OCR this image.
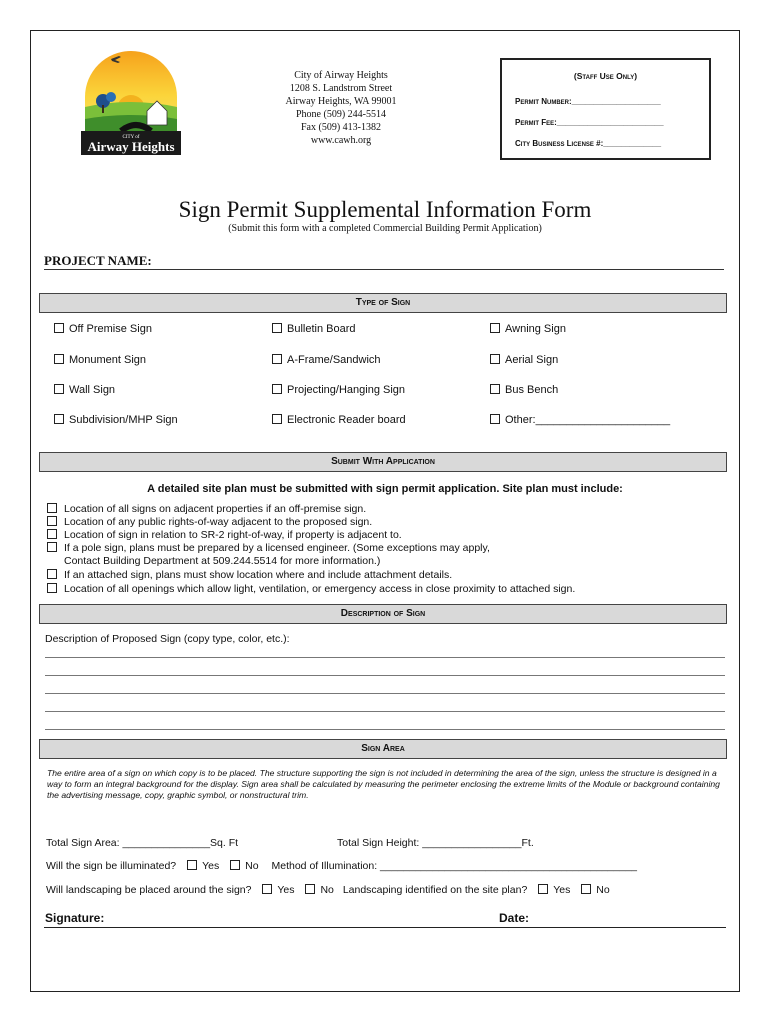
CITY of
Airway Heights
City of Airway Heights
1208 S. Landstrom Street
Airway Heights, WA 99001
Phone (509) 244-5514
Fax (509) 413-1382
www.cawh.org
(Staff Use Only)
Permit Number:____________________
Permit Fee:________________________
City Business License #:_____________
Sign Permit Supplemental Information Form
(Submit this form with a completed Commercial Building Permit Application)
PROJECT NAME:
Type of Sign
Off Premise Sign	Bulletin Board	Awning Sign
Monument Sign	A-Frame/Sandwich	Aerial Sign
Wall Sign	Projecting/Hanging Sign	Bus Bench
Subdivision/MHP Sign	Electronic Reader board	Other:______________________
Submit With Application
A detailed site plan must be submitted with sign permit application. Site plan must include:
Location of all signs on adjacent properties if an off-premise sign.
Location of any public rights-of-way adjacent to the proposed sign.
Location of sign in relation to SR-2 right-of-way, if property is adjacent to.
If a pole sign, plans must be prepared by a licensed engineer. (Some exceptions may apply,
Contact Building Department at 509.244.5514 for more information.)
If an attached sign, plans must show location where and include attachment details.
Location of all openings which allow light, ventilation, or emergency access in close proximity to attached sign.
Description of Sign
Description of Proposed Sign (copy type, color, etc.):
Sign Area
The entire area of a sign on which copy is to be placed. The structure supporting the sign is not included in determining the area of the sign, unless the structure is designed in a way to form an integral background for the display. Sign area shall be calculated by measuring the perimeter enclosing the extreme limits of the Module or background containing the advertising message, copy, graphic symbol, or nonstructural trim.
Total Sign Area: _______________Sq. Ft	Total Sign Height: _________________Ft.
Will the sign be illuminated? Yes No Method of Illumination: ____________________________________________
Will landscaping be placed around the sign? Yes No Landscaping identified on the site plan? Yes No
Signature:	Date:
